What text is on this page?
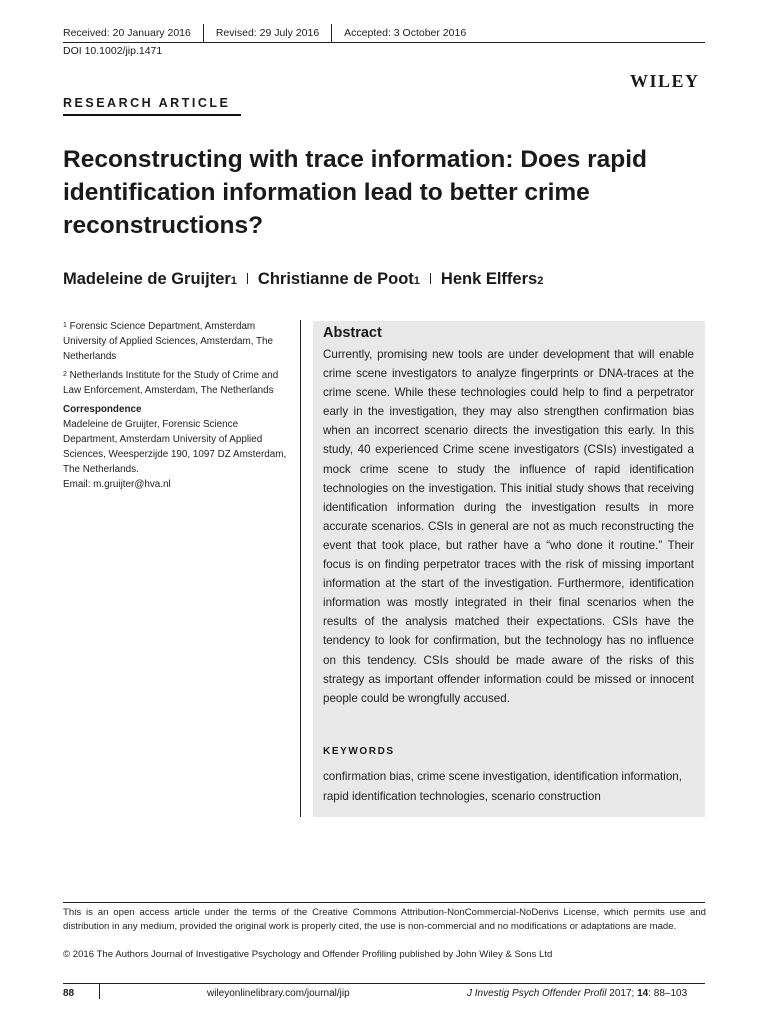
Received: 20 January 2016 Revised: 29 July 2016 Accepted: 3 October 2016
DOI 10.1002/jip.1471
WILEY
RESEARCH ARTICLE
Reconstructing with trace information: Does rapid identification information lead to better crime reconstructions?
Madeleine de Gruijter 1 Christianne de Poot 1 Henk Elffers 2

$^1$ Forensic Science Department, Amsterdam University of Applied Sciences, Amsterdam, The Netherlands

$^2$ Netherlands Institute for the Study of Crime and Law Enforcement, Amsterdam, The Netherlands

Correspondence

Madeleine de Gruijter, Forensic Science Department, Amsterdam University of Applied Sciences, Weesperzijde 190, 1097 DZ Amsterdam, The Netherlands.

Email: m.gruijter@hva.nl

Abstract
Currently, promising new tools are under development that will enable crime scene investigators to analyze fingerprints or DNA-traces at the crime scene. While these technologies could help to find a perpetrator early in the investigation, they may also strengthen confirmation bias when an incorrect scenario directs the investigation this early. In this study, 40 experienced Crime scene investigators (CSIs) investigated a mock crime scene to study the influence of rapid identification technologies on the investigation. This initial study shows that receiving identification information during the investigation results in more accurate scenarios. CSIs in general are not as much reconstructing the event that took place, but rather have a “who done it routine.” Their focus is on finding perpetrator traces with the risk of missing important information at the start of the investigation. Furthermore, identification information was mostly integrated in their final scenarios when the results of the analysis matched their expectations. CSIs have the tendency to look for confirmation, but the technology has no influence on this tendency. CSIs should be made aware of the risks of this strategy as important offender information could be missed or innocent people could be wrongfully accused.
KEYWORDS
confirmation bias, crime scene investigation, identification information, rapid identification technologies, scenario construction
This is an open access article under the terms of the Creative Commons Attribution-NonCommercial-NoDerivs License, which permits use and distribution in any medium, provided the original work is properly cited, the use is non-commercial and no modifications or adaptations are made.
© 2016 The Authors Journal of Investigative Psychology and Offender Profiling published by John Wiley & Sons Ltd
88	wileyonlinelibrary.com/journal/jip	J Investig Psych Offender Profil 2017; 14: 88–103
